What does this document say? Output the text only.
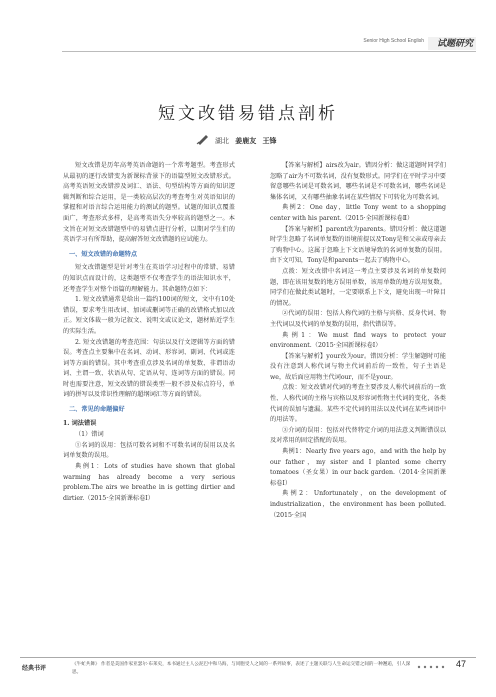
Senior High School English	试题研究
短文改错易错点剖析
湖北 姜鹿友 王锋

短文改错是历年高考英语命题的一个常考题型。考查形式从最初的逐行改错变为新课标背景下的语篇型短文改错形式。高考英语短文改错涉及词汇、语法、句型结构等方面的知识逻辑判断和综合运用，是一类较高层次的考查考生对英语知识的掌握和对语言综合运用能力的测试的题型。试题的知识点覆盖面广，考查形式多样，是高考英语失分率较高的题型之一。本文旨在对短文改错题型中的易错点进行分析，以期对学生们的英语学习有所帮助，提高解答短文改错题的应试能力。

一、短文改错的命题特点

短文改错题型是针对考生在英语学习过程中的常错、易错的知识点而设计的，这类题型不仅考查学生的语法知识水平，还考查学生对整个语篇的理解能力。其命题特点如下：

1. 短文改错通常是给出一篇约100词的短文，文中有10处错误，要求考生用改词、加词或删词等正确的改错格式加以改正。短文体裁一般为记叙文、说明文或议论文，题材贴近学生的实际生活。

2. 短文改错题的考查范围：句法以及行文逻辑等方面的错误。考查点主要集中在名词、动词、形容词、副词、代词或连词等方面的错误。其中考查重点涉及名词的单复数、非谓语动词、主谓一致、状语从句、定语从句、连词等方面的错误。同时也需要注意，短文改错的错误类型一般不涉及标点符号，单词的拼写以及常识性理解的超纲词汇等方面的错误。

二、常见的命题偏好
1. 词法错误

（1）错词

①名词的误用：包括可数名词和不可数名词的误用以及名词单复数的误用。

典例1：Lots of studies have shown that global warming has already become a very serious problem.The airs we breathe in is getting dirtier and dirtier.（2015·全国新课标卷Ⅰ）

【答案与解析】airs改为air。错因分析：做这道题时同学们忽略了air为不可数名词，没有复数形式。同学们在平时学习中要留意哪些名词是可数名词，哪些名词是不可数名词，哪些名词是集体名词，又有哪些抽象名词在某些情况下可转化为可数名词。

典例2：One day，little Tony went to a shopping center with his parent.（2015·全国新课标卷Ⅱ）

【答案与解析】parent改为parents。错因分析：做这道题时学生忽略了名词单复数的语境前提以及Tony是和父亲或母亲去了购物中心。这属于忽略上下文语境导致的名词单复数的误用。由下文可知，Tony是和parents一起去了购物中心。

点拨：短文改错中名词这一考点主要涉及名词的单复数问题，即在该用复数的地方误用单数，该用单数的地方误用复数。同学们在做此类试题时，一定要联系上下文，避免出现一叶障目的情况。

②代词的误用：包括人称代词的主格与宾格、反身代词、物主代词以及代词的单复数的误用，指代错误等。

典例1：We must find ways to protect your environment.（2015·全国新课标卷Ⅰ）

【答案与解析】your改为our。错因分析：学生解题时可能没有注意到人称代词与物主代词前后的一致性，句子主语是we，故后面应用物主代词our，而不是your。

点拨：短文改错对代词的考查主要涉及人称代词前后的一致性、人称代词的主格与宾格以及形容词性物主代词的变化，各类代词的误加与遗漏。某些不定代词的用法以及代词在某些词语中的用法等。

③介词的误用：包括对代替特定介词的用法意义判断错误以及对常用的固定搭配的误用。

典例1：Nearly five years ago，and with the help by our father，my sister and I planted some cherry tomatoes（圣女果）in our back garden.（2014·全国新课标卷Ⅰ）

典例2：Unfortunately，on the development of industrialization，the environment has been polluted.（2015·全国

经典书评
《牛虻共舞》 作者是美国作家亚瑟尔·布莱史，本书通过主人公泥巴中和马海，与同胞受人之间的一系列故事，表述了主题关联与人生命运交错之间的一种邂逅，引人深思。
47
